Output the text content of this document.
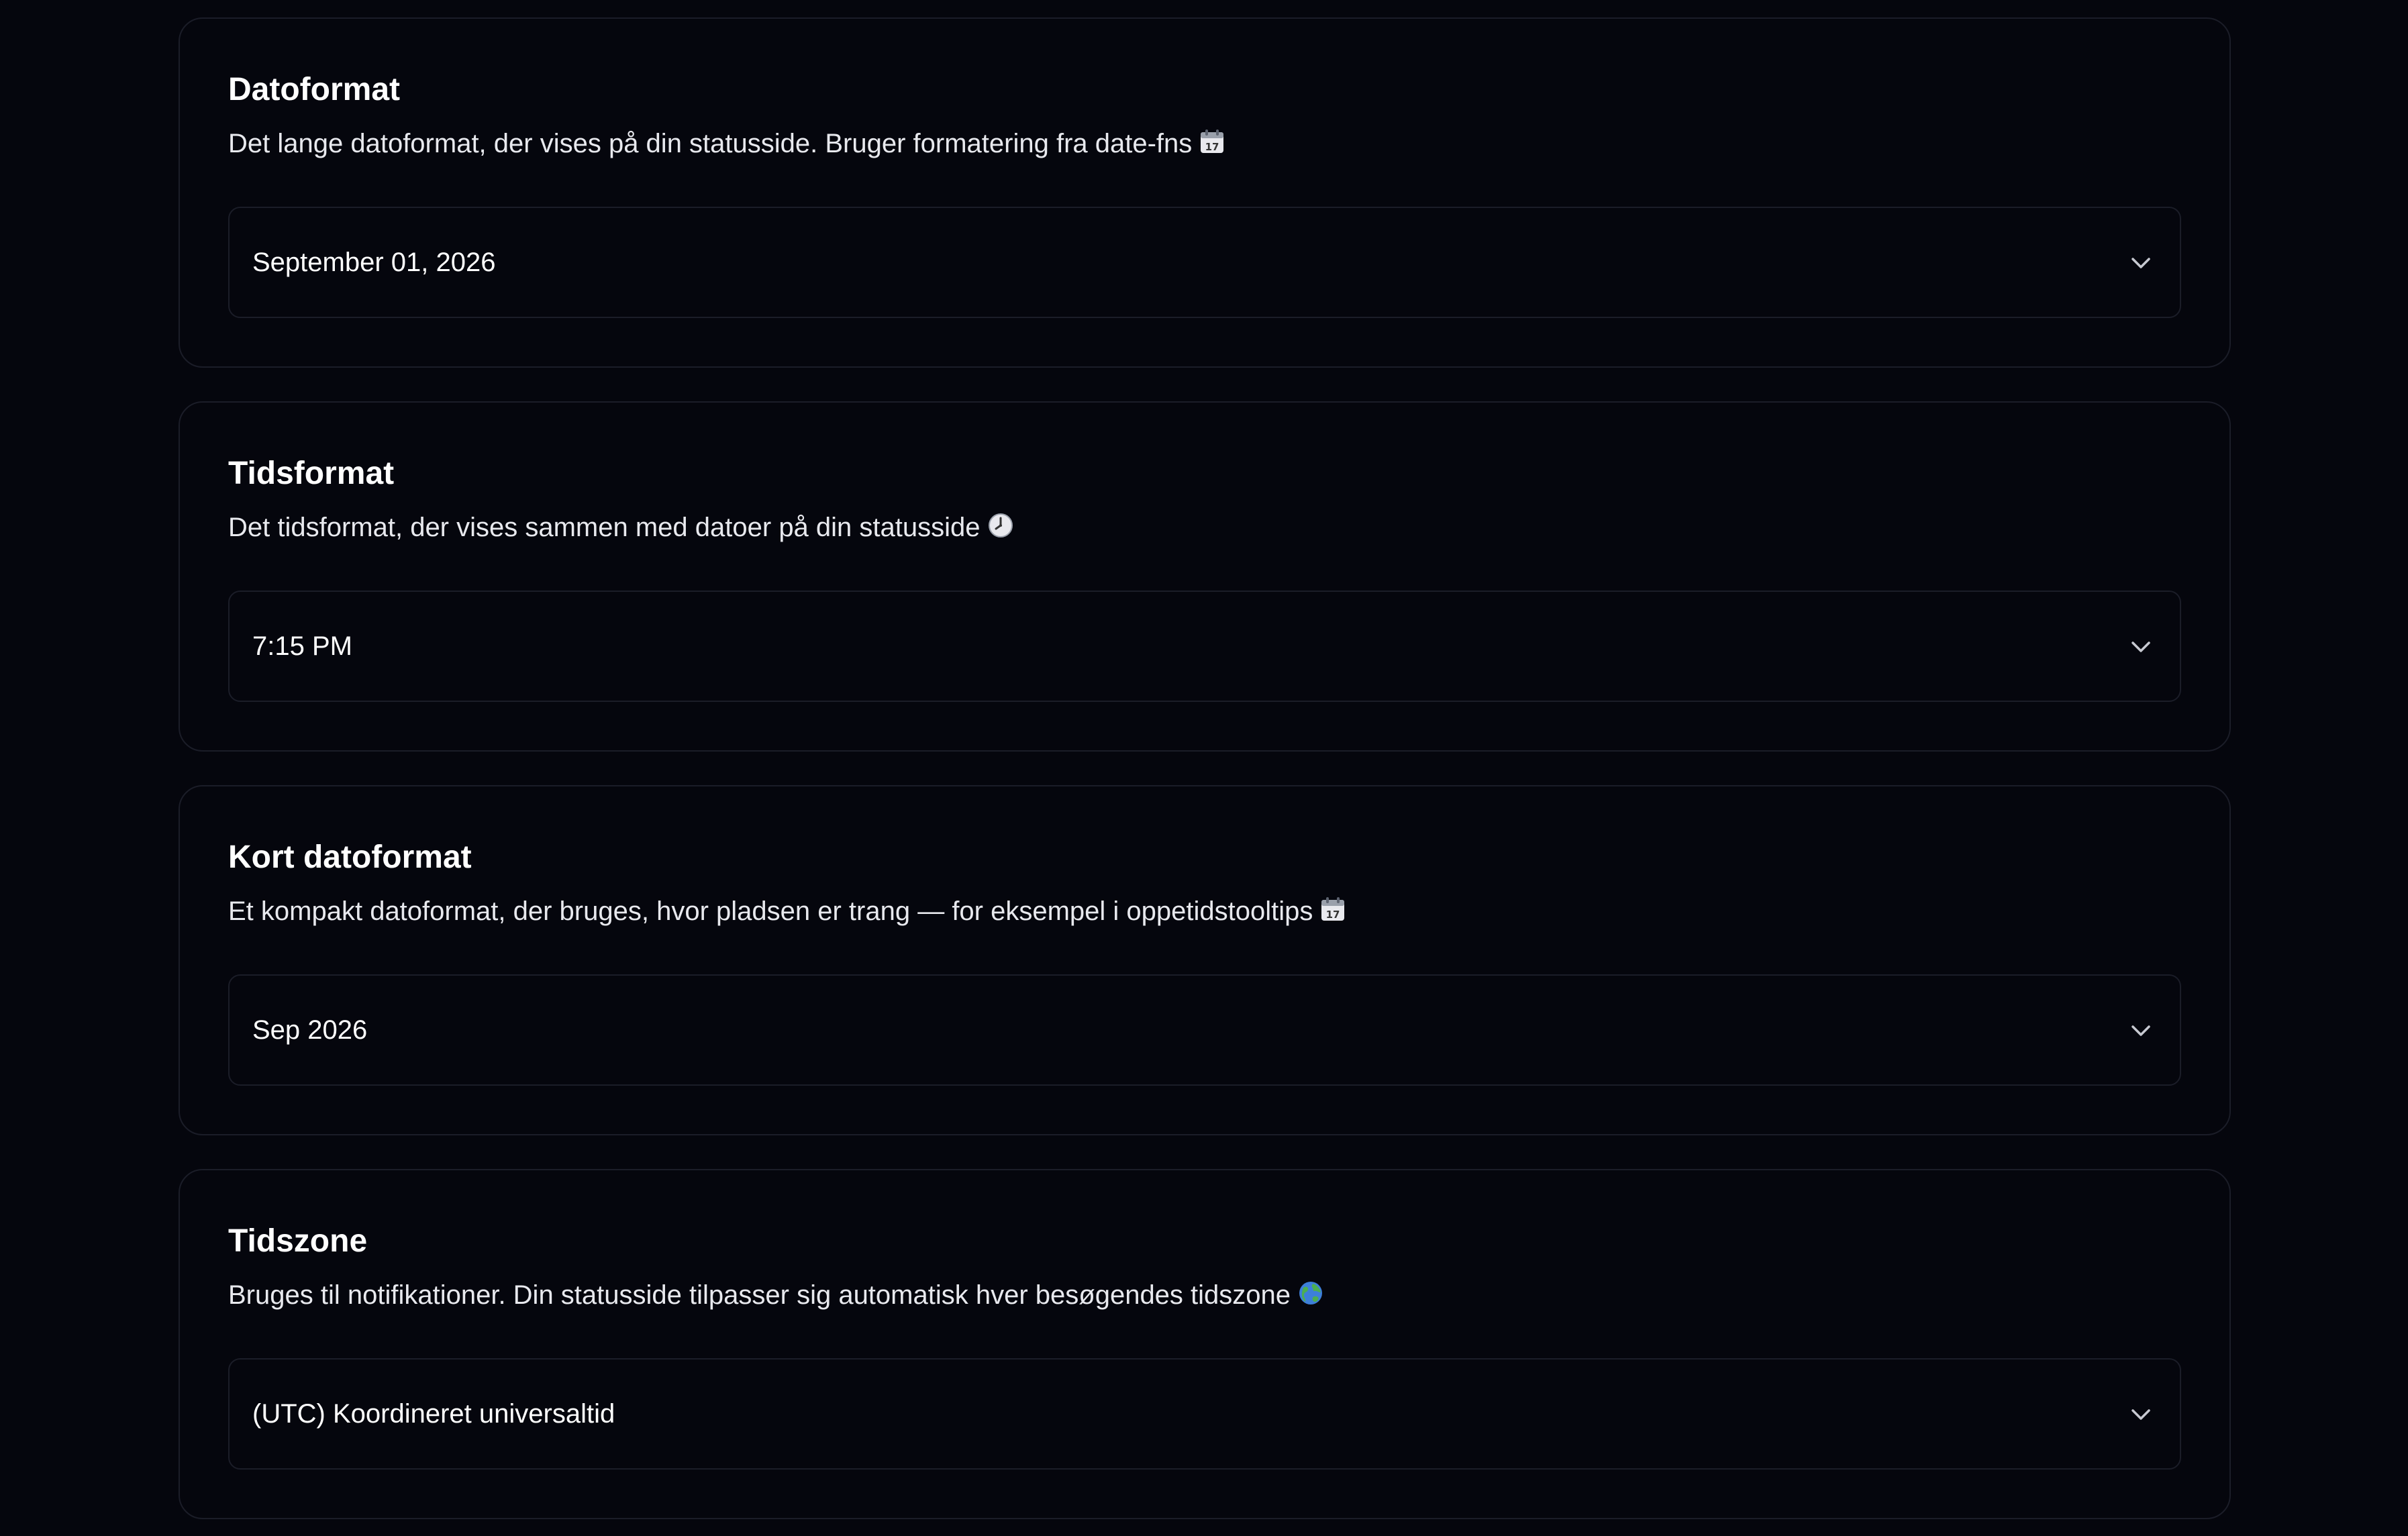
Datoformat

Det lange datoformat, der vises på din statusside. Bruger formatering fra date-fns 17

September 01, 2026
Tidsformat

Det tidsformat, der vises sammen med datoer på din statusside

7:15 PM
Kort datoformat

Et kompakt datoformat, der bruges, hvor pladsen er trang — for eksempel i oppetidstooltips 17

Sep 2026
Tidszone

Bruges til notifikationer. Din statusside tilpasser sig automatisk hver besøgendes tidszone

(UTC) Koordineret universaltid
